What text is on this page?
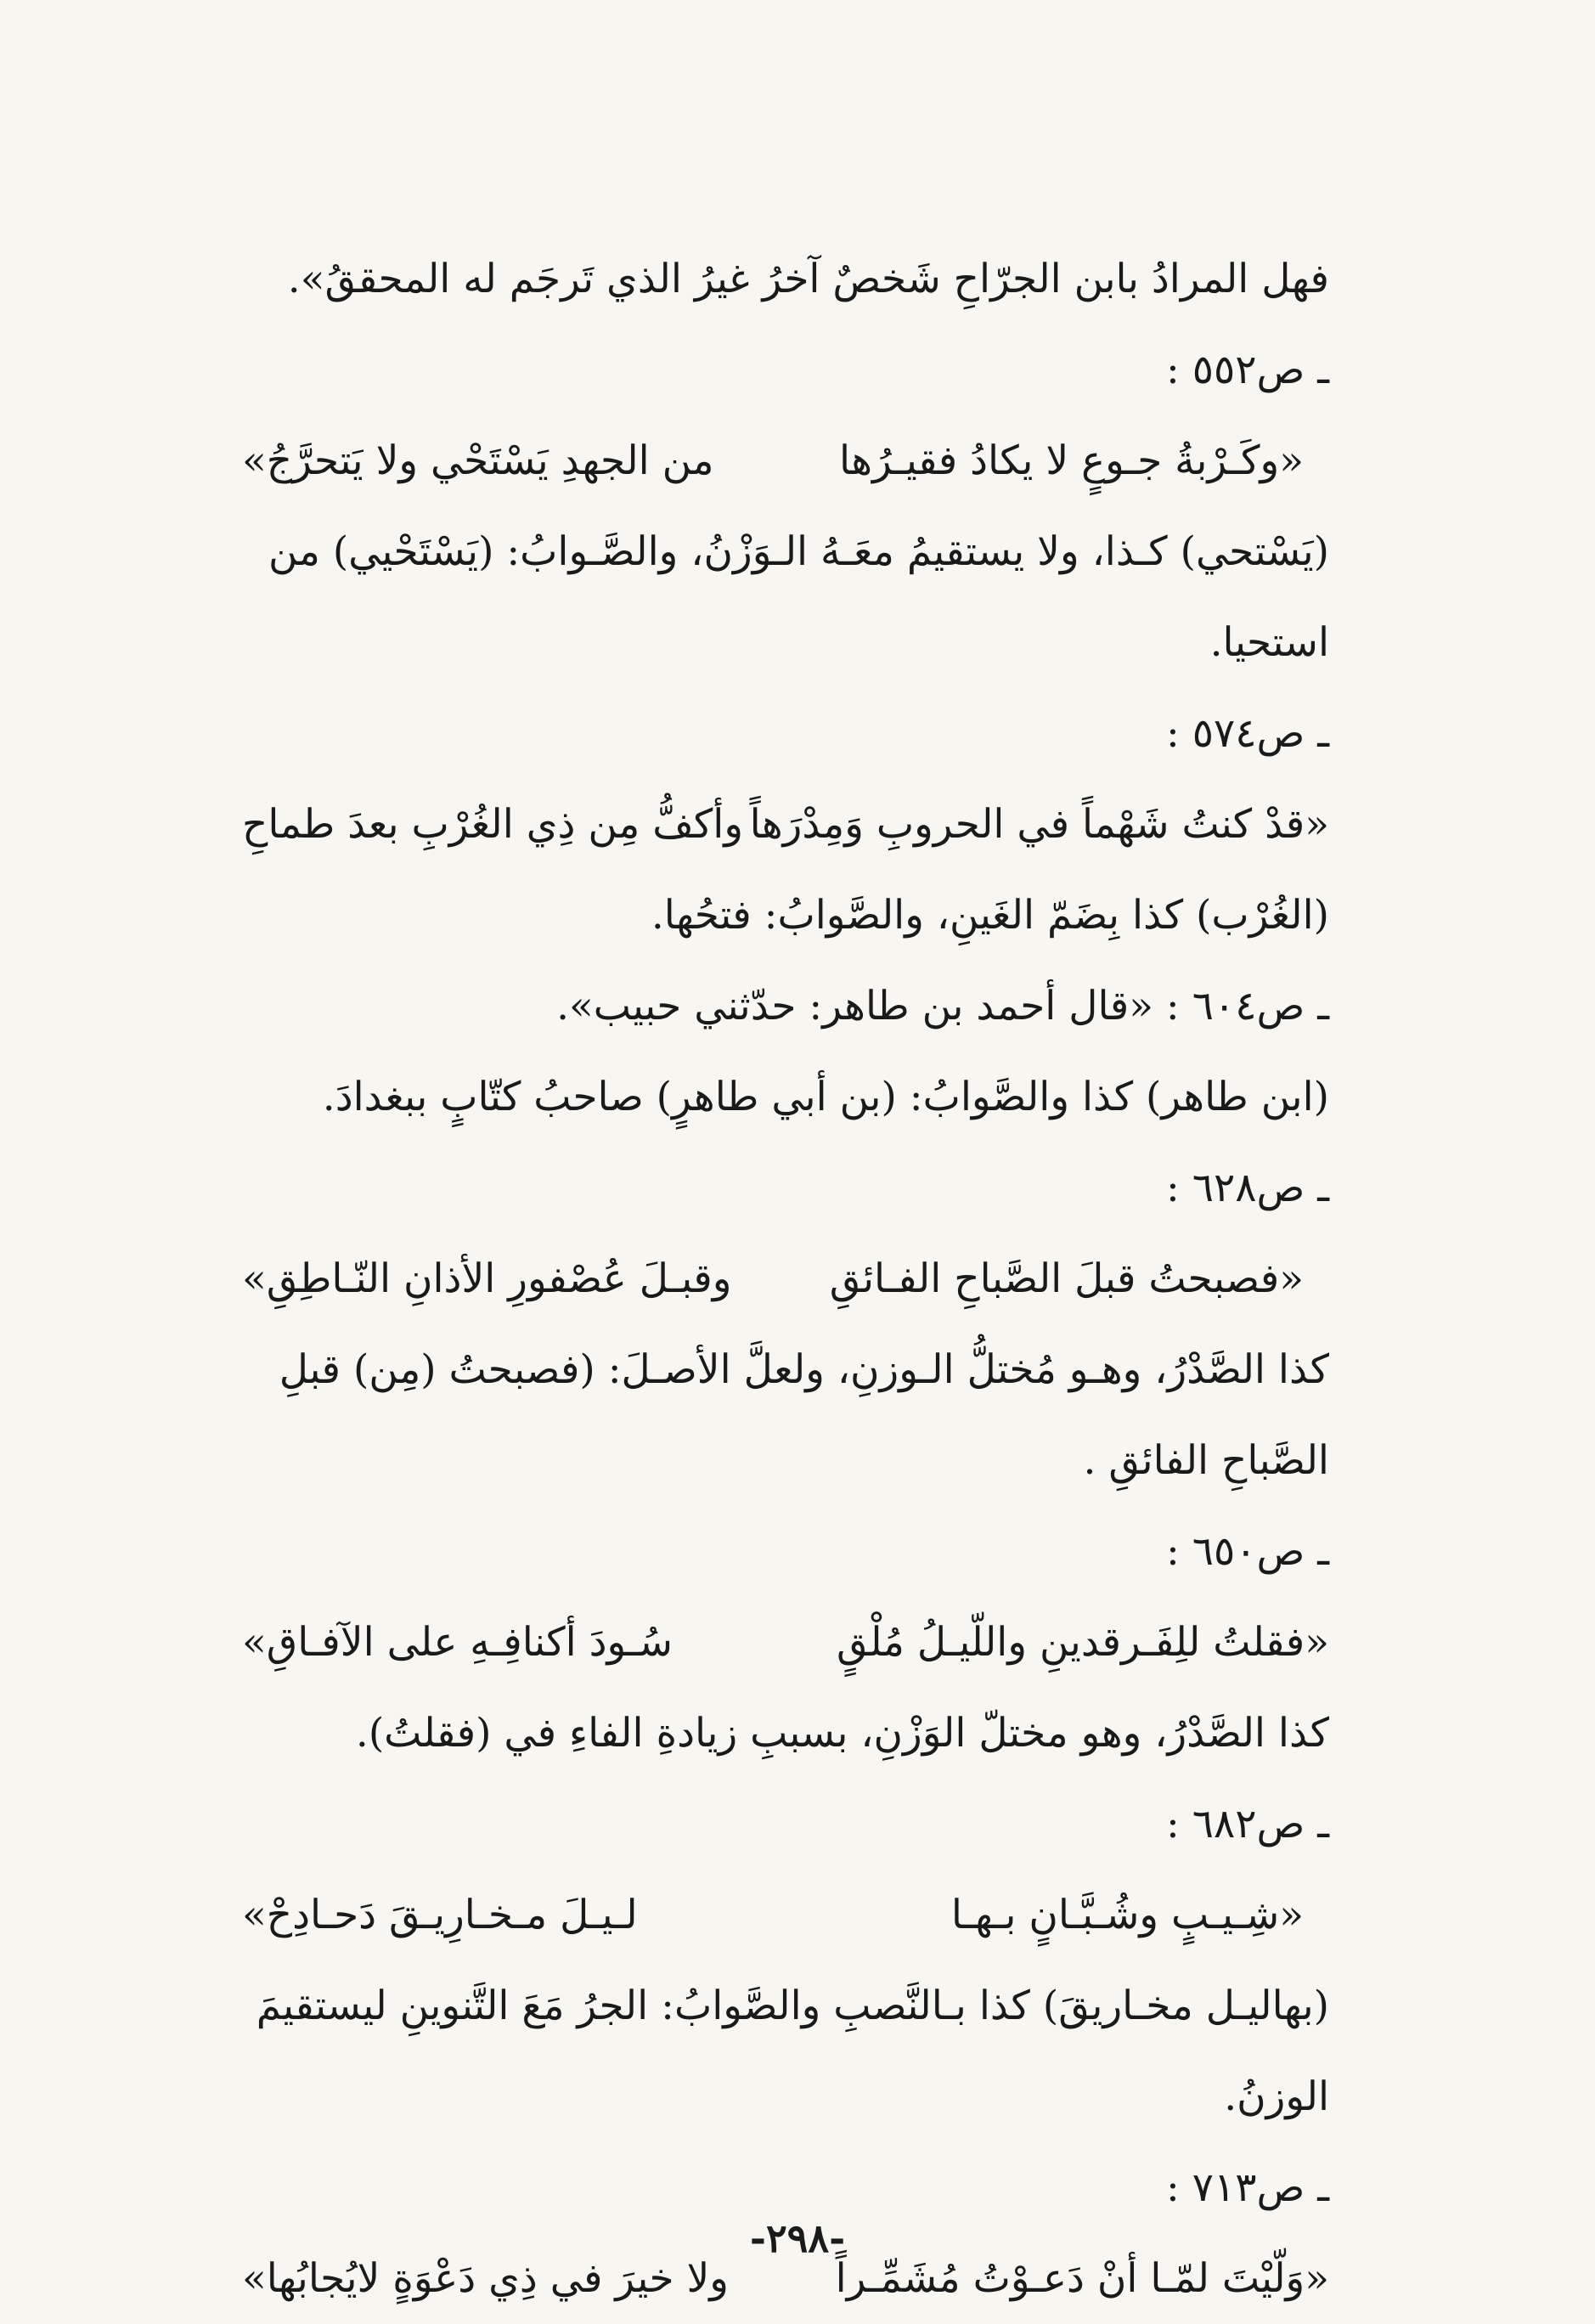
فهل المرادُ بابن الجرّاحِ شَخصٌ آخرُ غيرُ الذي تَرجَم له المحققُ».
ـ ص٥٥٢ :
«وكَـرْبةُ جـوعٍ لا يكادُ فقيـرُها
من الجهدِ يَسْتَحْي ولا يَتحرَّجُ»
(يَسْتحي) كـذا، ولا يستقيمُ معَـهُ الـوَزْنُ، والصَّـوابُ: (يَسْتَحْيي) من
استحيا.
ـ ص٥٧٤ :
«قدْ كنتُ شَهْماً في الحروبِ وَمِدْرَهاً
وأكفُّ مِن ذِي الغُرْبِ بعدَ طماحِ
(الغُرْب) كذا بِضَمّ الغَينِ، والصَّوابُ: فتحُها.
ـ ص٦٠٤ : «قال أحمد بن طاهر: حدّثني حبيب».
(ابن طاهر) كذا والصَّوابُ: (بن أبي طاهرٍ) صاحبُ كتّابٍ ببغدادَ.
ـ ص٦٢٨ :
«فصبحتُ قبلَ الصَّباحِ الفـائقِ
وقبـلَ عُصْفورِ الأذانِ النّـاطِقِ»
كذا الصَّدْرُ، وهـو مُختلُّ الـوزنِ، ولعلَّ الأصـلَ: (فصبحتُ (مِن) قبلِ
الصَّباحِ الفائقِ .
ـ ص٦٥٠ :
«فقلتُ للِفَـرقدينِ واللّيـلُ مُلْقٍ
سُـودَ أكنافِـهِ على الآفـاقِ»
كذا الصَّدْرُ، وهو مختلّ الوَزْنِ، بسببِ زيادةِ الفاءِ في (فقلتُ).
ـ ص٦٨٢ :
«شِـيـبٍ وشُـبَّـانٍ بـهـا
لـيـلَ مـخـارِيـقَ دَحـادِحْ»
(بهاليـل مخـاريقَ) كذا بـالنَّصبِ والصَّوابُ: الجرُ مَعَ التَّنوينِ ليستقيمَ
الوزنُ.
ـ ص٧١٣ :
«وَلّيْتَ لمّـا أنْ دَعـوْتُ مُشَمِّـراً
ولا خيرَ في ذِي دَعْوَةٍ لايُجابُها»
-٢٩٨-
